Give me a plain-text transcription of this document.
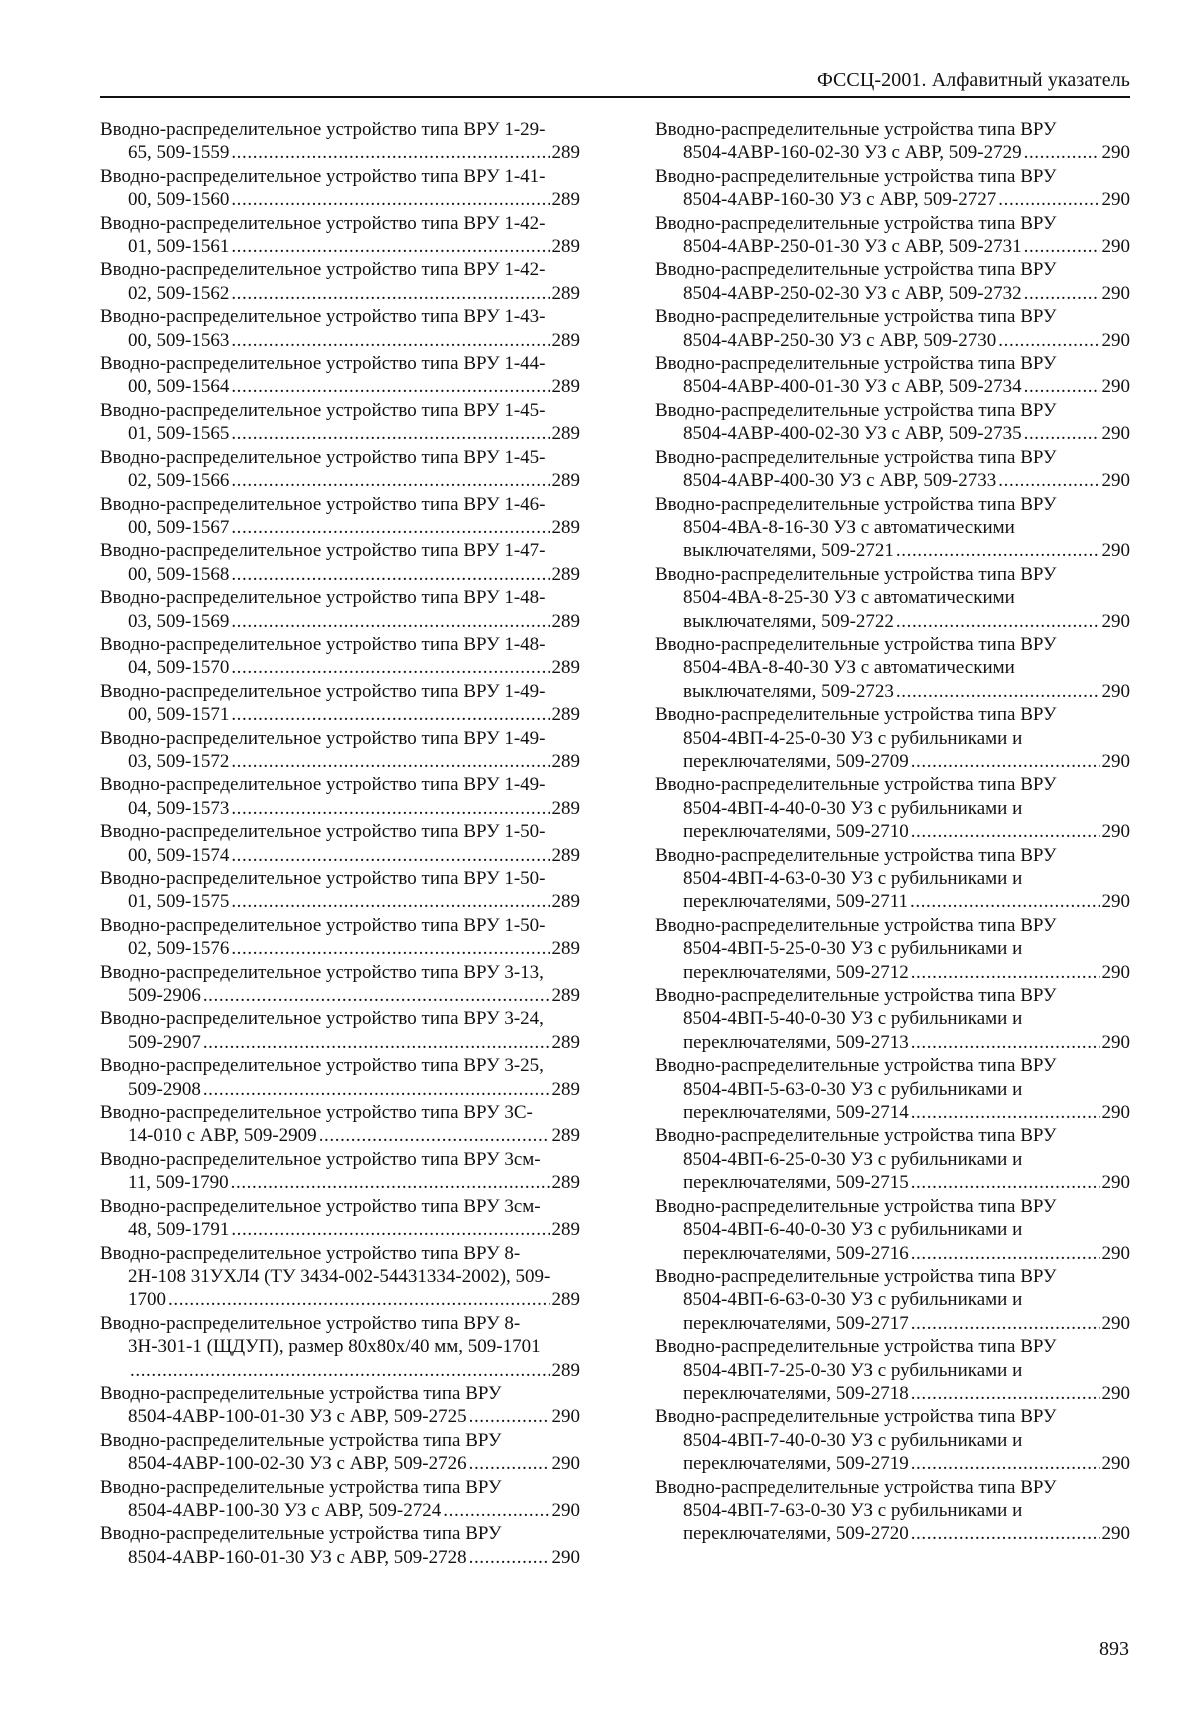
ФССЦ-2001. Алфавитный указатель
Вводно-распределительное устройство типа ВРУ 1-29-
65, 509-1559 .....	289
Вводно-распределительное устройство типа ВРУ 1-41-
00, 509-1560 .....	289
Вводно-распределительное устройство типа ВРУ 1-42-
01, 509-1561 .....	289
Вводно-распределительное устройство типа ВРУ 1-42-
02, 509-1562 .....	289
Вводно-распределительное устройство типа ВРУ 1-43-
00, 509-1563 .....	289
Вводно-распределительное устройство типа ВРУ 1-44-
00, 509-1564 .....	289
Вводно-распределительное устройство типа ВРУ 1-45-
01, 509-1565 .....	289
Вводно-распределительное устройство типа ВРУ 1-45-
02, 509-1566 .....	289
Вводно-распределительное устройство типа ВРУ 1-46-
00, 509-1567 .....	289
Вводно-распределительное устройство типа ВРУ 1-47-
00, 509-1568 .....	289
Вводно-распределительное устройство типа ВРУ 1-48-
03, 509-1569 .....	289
Вводно-распределительное устройство типа ВРУ 1-48-
04, 509-1570 .....	289
Вводно-распределительное устройство типа ВРУ 1-49-
00, 509-1571 .....	289
Вводно-распределительное устройство типа ВРУ 1-49-
03, 509-1572 .....	289
Вводно-распределительное устройство типа ВРУ 1-49-
04, 509-1573 .....	289
Вводно-распределительное устройство типа ВРУ 1-50-
00, 509-1574 .....	289
Вводно-распределительное устройство типа ВРУ 1-50-
01, 509-1575 .....	289
Вводно-распределительное устройство типа ВРУ 1-50-
02, 509-1576 .....	289
Вводно-распределительное устройство типа ВРУ 3-13,
509-2906 .....	289
Вводно-распределительное устройство типа ВРУ 3-24,
509-2907 .....	289
Вводно-распределительное устройство типа ВРУ 3-25,
509-2908 .....	289
Вводно-распределительное устройство типа ВРУ 3С-
14-010 с АВР, 509-2909 .....	289
Вводно-распределительное устройство типа ВРУ 3см-
11, 509-1790 .....	289
Вводно-распределительное устройство типа ВРУ 3см-
48, 509-1791 .....	289
Вводно-распределительное устройство типа ВРУ 8-
2Н-108 31УХЛ4 (ТУ 3434-002-54431334-2002), 509-
1700 .....	289
Вводно-распределительное устройство типа ВРУ 8-
3Н-301-1 (ЩДУП), размер 80х80х/40 мм, 509-1701
.....
289
Вводно-распределительные устройства типа ВРУ
8504-4АВР-100-01-30 УЗ с АВР, 509-2725 .....	290
Вводно-распределительные устройства типа ВРУ
8504-4АВР-100-02-30 УЗ с АВР, 509-2726 .....	290
Вводно-распределительные устройства типа ВРУ
8504-4АВР-100-30 УЗ с АВР, 509-2724 .....	290
Вводно-распределительные устройства типа ВРУ
8504-4АВР-160-01-30 УЗ с АВР, 509-2728 .....	290
Вводно-распределительные устройства типа ВРУ
8504-4АВР-160-02-30 УЗ с АВР, 509-2729 .....	290
Вводно-распределительные устройства типа ВРУ
8504-4АВР-160-30 УЗ с АВР, 509-2727 .....	290
Вводно-распределительные устройства типа ВРУ
8504-4АВР-250-01-30 УЗ с АВР, 509-2731 .....	290
Вводно-распределительные устройства типа ВРУ
8504-4АВР-250-02-30 УЗ с АВР, 509-2732 .....	290
Вводно-распределительные устройства типа ВРУ
8504-4АВР-250-30 УЗ с АВР, 509-2730 .....	290
Вводно-распределительные устройства типа ВРУ
8504-4АВР-400-01-30 УЗ с АВР, 509-2734 .....	290
Вводно-распределительные устройства типа ВРУ
8504-4АВР-400-02-30 УЗ с АВР, 509-2735 .....	290
Вводно-распределительные устройства типа ВРУ
8504-4АВР-400-30 УЗ с АВР, 509-2733 .....	290
Вводно-распределительные устройства типа ВРУ
8504-4ВА-8-16-30 УЗ с автоматическими
выключателями, 509-2721 .....	290
Вводно-распределительные устройства типа ВРУ
8504-4ВА-8-25-30 УЗ с автоматическими
выключателями, 509-2722 .....	290
Вводно-распределительные устройства типа ВРУ
8504-4ВА-8-40-30 УЗ с автоматическими
выключателями, 509-2723 .....	290
Вводно-распределительные устройства типа ВРУ
8504-4ВП-4-25-0-30 УЗ с рубильниками и
переключателями, 509-2709 .....	290
Вводно-распределительные устройства типа ВРУ
8504-4ВП-4-40-0-30 УЗ с рубильниками и
переключателями, 509-2710 .....	290
Вводно-распределительные устройства типа ВРУ
8504-4ВП-4-63-0-30 УЗ с рубильниками и
переключателями, 509-2711 .....	290
Вводно-распределительные устройства типа ВРУ
8504-4ВП-5-25-0-30 УЗ с рубильниками и
переключателями, 509-2712 .....	290
Вводно-распределительные устройства типа ВРУ
8504-4ВП-5-40-0-30 УЗ с рубильниками и
переключателями, 509-2713 .....	290
Вводно-распределительные устройства типа ВРУ
8504-4ВП-5-63-0-30 УЗ с рубильниками и
переключателями, 509-2714 .....	290
Вводно-распределительные устройства типа ВРУ
8504-4ВП-6-25-0-30 УЗ с рубильниками и
переключателями, 509-2715 .....	290
Вводно-распределительные устройства типа ВРУ
8504-4ВП-6-40-0-30 УЗ с рубильниками и
переключателями, 509-2716 .....	290
Вводно-распределительные устройства типа ВРУ
8504-4ВП-6-63-0-30 УЗ с рубильниками и
переключателями, 509-2717 .....	290
Вводно-распределительные устройства типа ВРУ
8504-4ВП-7-25-0-30 УЗ с рубильниками и
переключателями, 509-2718 .....	290
Вводно-распределительные устройства типа ВРУ
8504-4ВП-7-40-0-30 УЗ с рубильниками и
переключателями, 509-2719 .....	290
Вводно-распределительные устройства типа ВРУ
8504-4ВП-7-63-0-30 УЗ с рубильниками и
переключателями, 509-2720 .....	290
893
